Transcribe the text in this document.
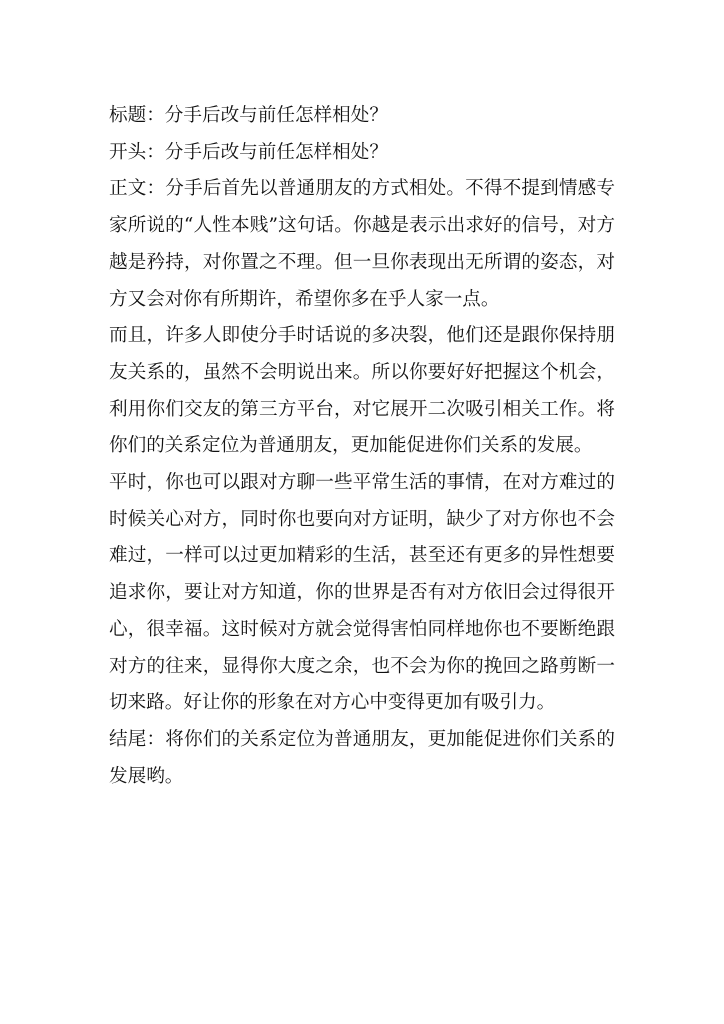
标题：分手后改与前任怎样相处？

开头：分手后改与前任怎样相处？

正文：分手后首先以普通朋友的方式相处。不得不提到情感专家所说的“人性本贱”这句话。你越是表示出求好的信号，对方越是矜持，对你置之不理。但一旦你表现出无所谓的姿态，对方又会对你有所期许，希望你多在乎人家一点。

而且，许多人即使分手时话说的多决裂，他们还是跟你保持朋友关系的，虽然不会明说出来。所以你要好好把握这个机会，利用你们交友的第三方平台，对它展开二次吸引相关工作。将你们的关系定位为普通朋友，更加能促进你们关系的发展。

平时，你也可以跟对方聊一些平常生活的事情，在对方难过的时候关心对方，同时你也要向对方证明，缺少了对方你也不会难过，一样可以过更加精彩的生活，甚至还有更多的异性想要追求你，要让对方知道，你的世界是否有对方依旧会过得很开心，很幸福。这时候对方就会觉得害怕同样地你也不要断绝跟对方的往来，显得你大度之余，也不会为你的挽回之路剪断一切来路。好让你的形象在对方心中变得更加有吸引力。

结尾：将你们的关系定位为普通朋友，更加能促进你们关系的发展哟。
